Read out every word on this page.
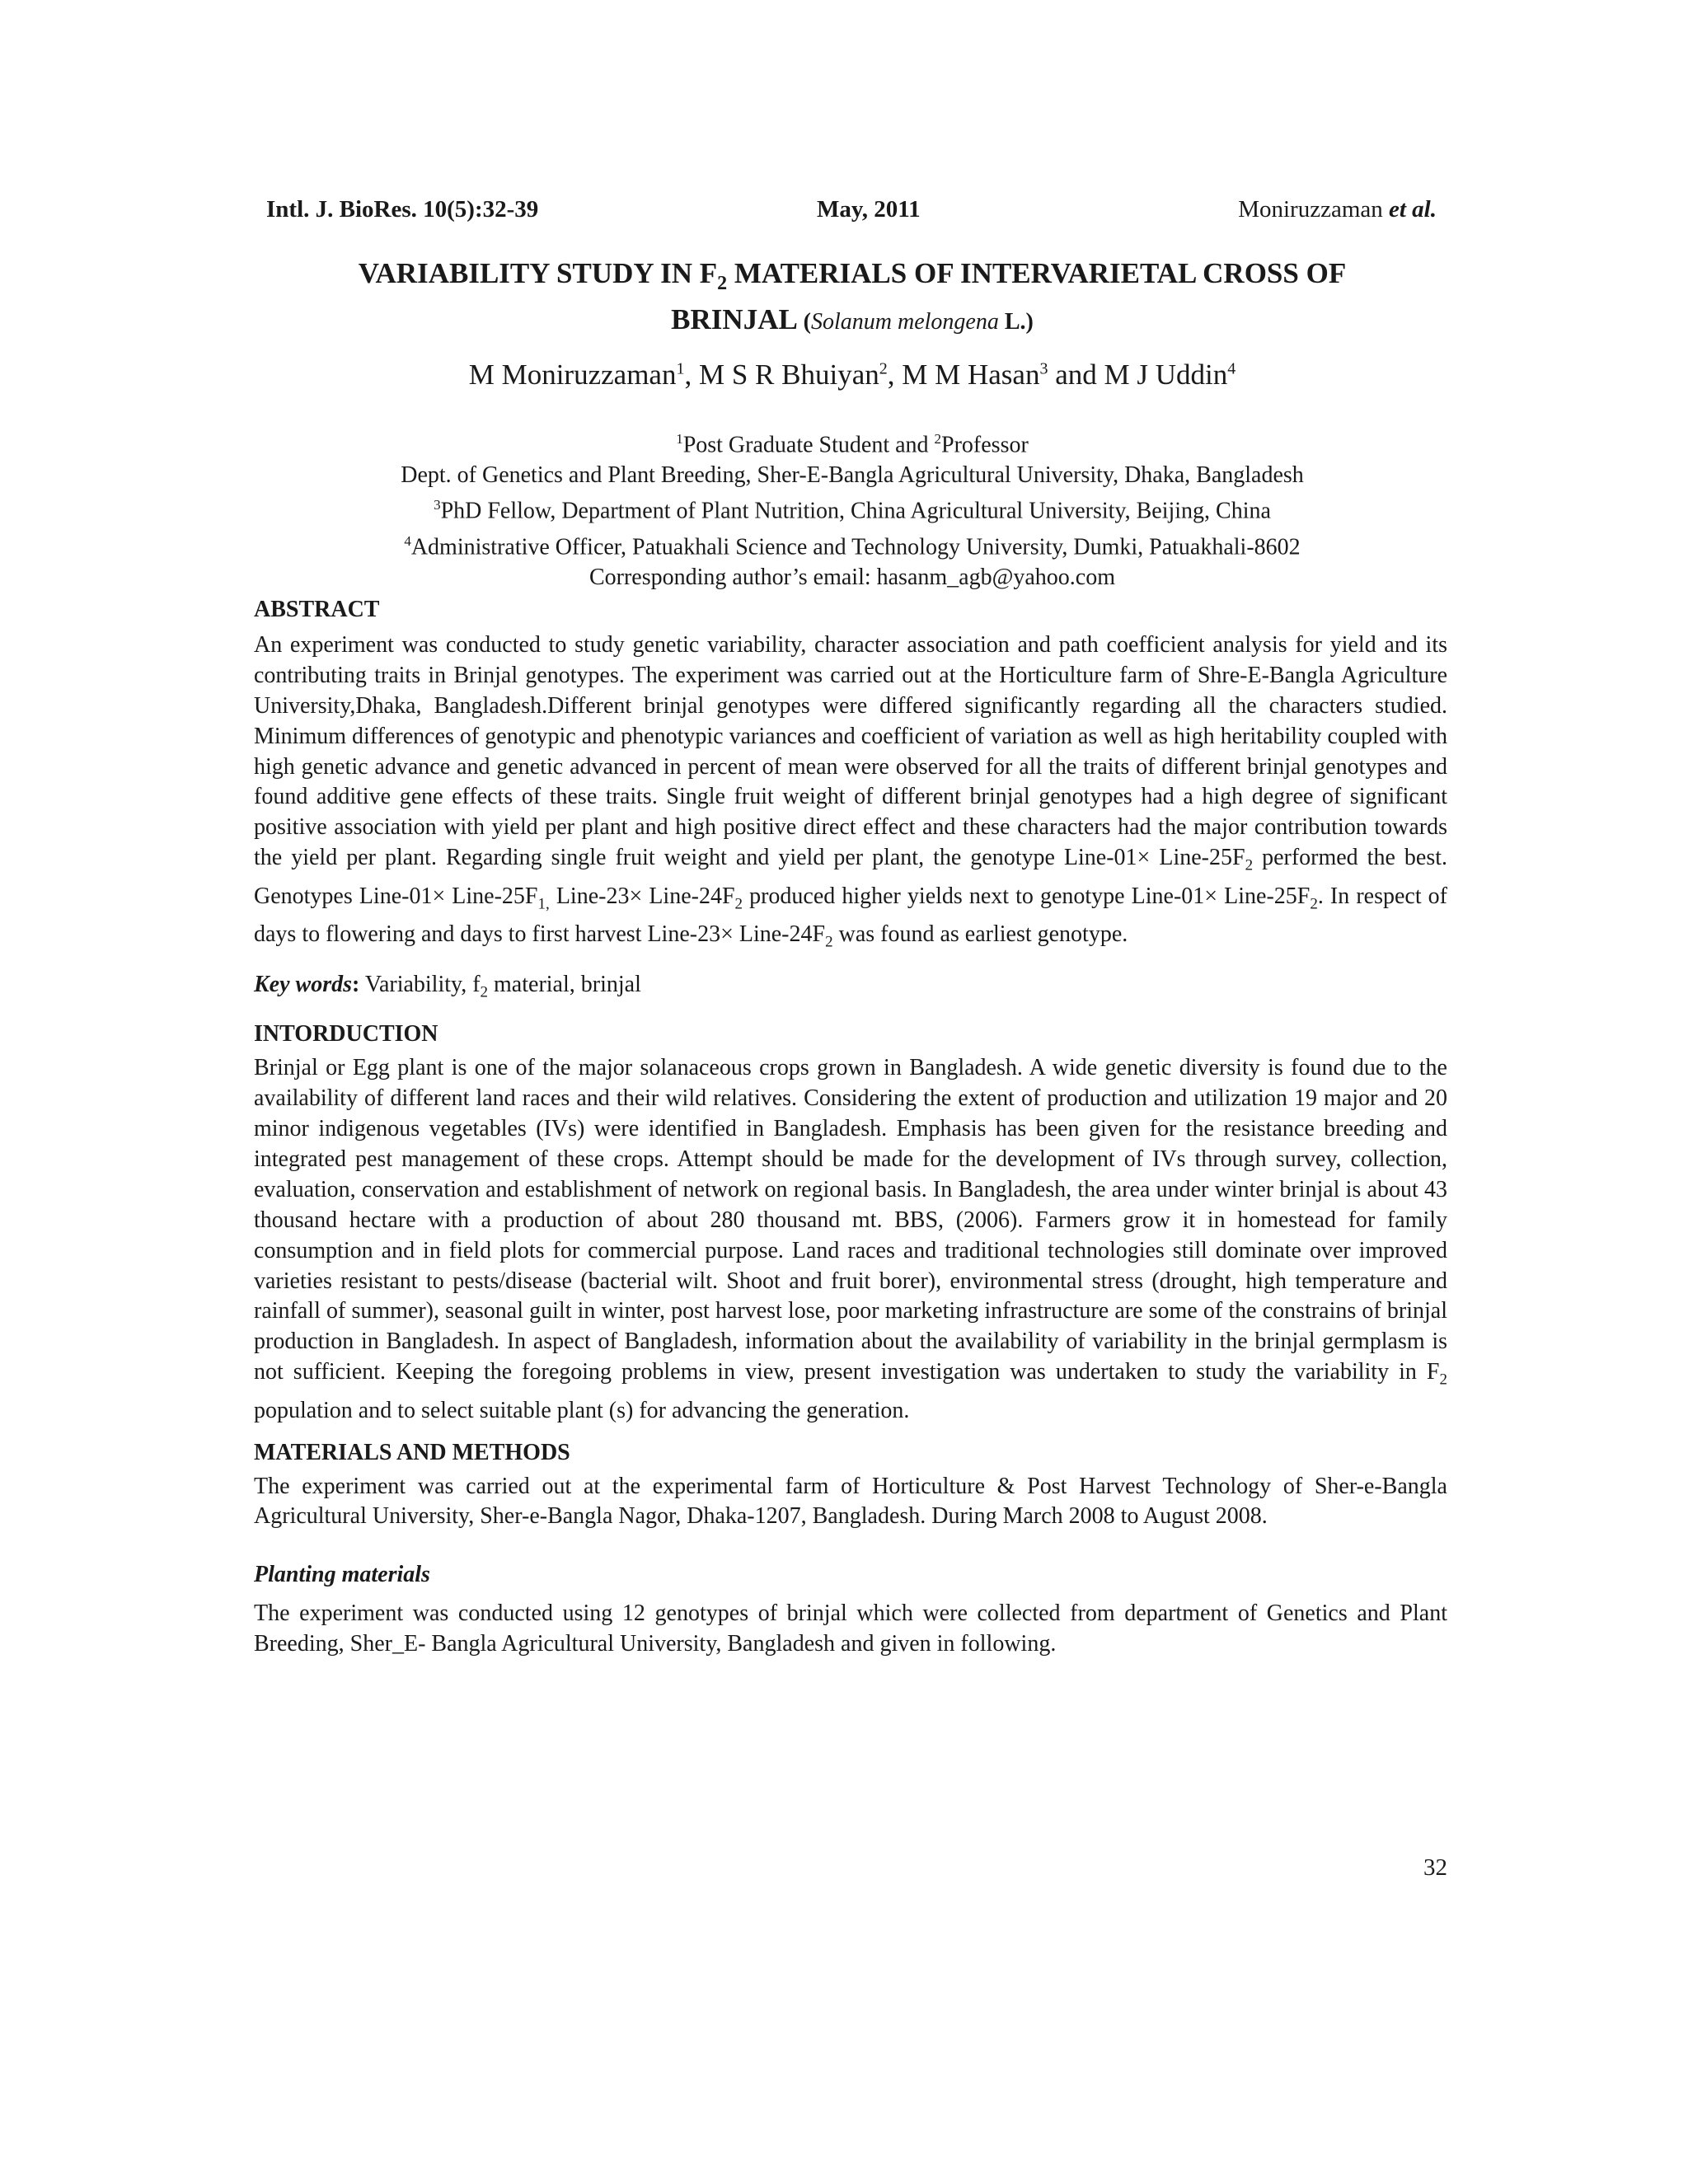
Intl. J. BioRes. 10(5):32-39	May, 2011	Moniruzzaman et al.
VARIABILITY STUDY IN $F_2$ MATERIALS OF INTERVARIETAL CROSS OF
BRINJAL (Solanum melongena L.)
M Moniruzzaman$^1$, M S R Bhuiyan$^2$, M M Hasan$^3$ and M J Uddin$^4$
$^1$Post Graduate Student and $^2$Professor
Dept. of Genetics and Plant Breeding, Sher-E-Bangla Agricultural University, Dhaka, Bangladesh
$^3$PhD Fellow, Department of Plant Nutrition, China Agricultural University, Beijing, China
$^4$Administrative Officer, Patuakhali Science and Technology University, Dumki, Patuakhali-8602
Corresponding author’s email: hasanm_agb@yahoo.com

ABSTRACT

An experiment was conducted to study genetic variability, character association and path coefficient analysis for yield and its contributing traits in Brinjal genotypes. The experiment was carried out at the Horticulture farm of Shre-E-Bangla Agriculture University,Dhaka, Bangladesh.Different brinjal genotypes were differed significantly regarding all the characters studied. Minimum differences of genotypic and phenotypic variances and coefficient of variation as well as high heritability coupled with high genetic advance and genetic advanced in percent of mean were observed for all the traits of different brinjal genotypes and found additive gene effects of these traits. Single fruit weight of different brinjal genotypes had a high degree of significant positive association with yield per plant and high positive direct effect and these characters had the major contribution towards the yield per plant. Regarding single fruit weight and yield per plant, the genotype Line-01× Line-$25F_2$ performed the best. Genotypes Line-01× Line-$25F_{1,}$ Line-23× Line-$24F_2$ produced higher yields next to genotype Line-01× Line-$25F_2$. In respect of days to flowering and days to first harvest Line-23× Line-$24F_2$ was found as earliest genotype.

Key words: Variability, $f_2$ material, brinjal

INTORDUCTION

Brinjal or Egg plant is one of the major solanaceous crops grown in Bangladesh. A wide genetic diversity is found due to the availability of different land races and their wild relatives. Considering the extent of production and utilization 19 major and 20 minor indigenous vegetables (IVs) were identified in Bangladesh. Emphasis has been given for the resistance breeding and integrated pest management of these crops. Attempt should be made for the development of IVs through survey, collection, evaluation, conservation and establishment of network on regional basis. In Bangladesh, the area under winter brinjal is about 43 thousand hectare with a production of about 280 thousand mt. BBS, (2006). Farmers grow it in homestead for family consumption and in field plots for commercial purpose. Land races and traditional technologies still dominate over improved varieties resistant to pests/disease (bacterial wilt. Shoot and fruit borer), environmental stress (drought, high temperature and rainfall of summer), seasonal guilt in winter, post harvest lose, poor marketing infrastructure are some of the constrains of brinjal production in Bangladesh. In aspect of Bangladesh, information about the availability of variability in the brinjal germplasm is not sufficient. Keeping the foregoing problems in view, present investigation was undertaken to study the variability in $F_2$ population and to select suitable plant (s) for advancing the generation.

MATERIALS AND METHODS

The experiment was carried out at the experimental farm of Horticulture & Post Harvest Technology of Sher-e-Bangla Agricultural University, Sher-e-Bangla Nagor, Dhaka-1207, Bangladesh. During March 2008 to August 2008.

Planting materials

The experiment was conducted using 12 genotypes of brinjal which were collected from department of Genetics and Plant Breeding, Sher_E- Bangla Agricultural University, Bangladesh and given in following.

32
